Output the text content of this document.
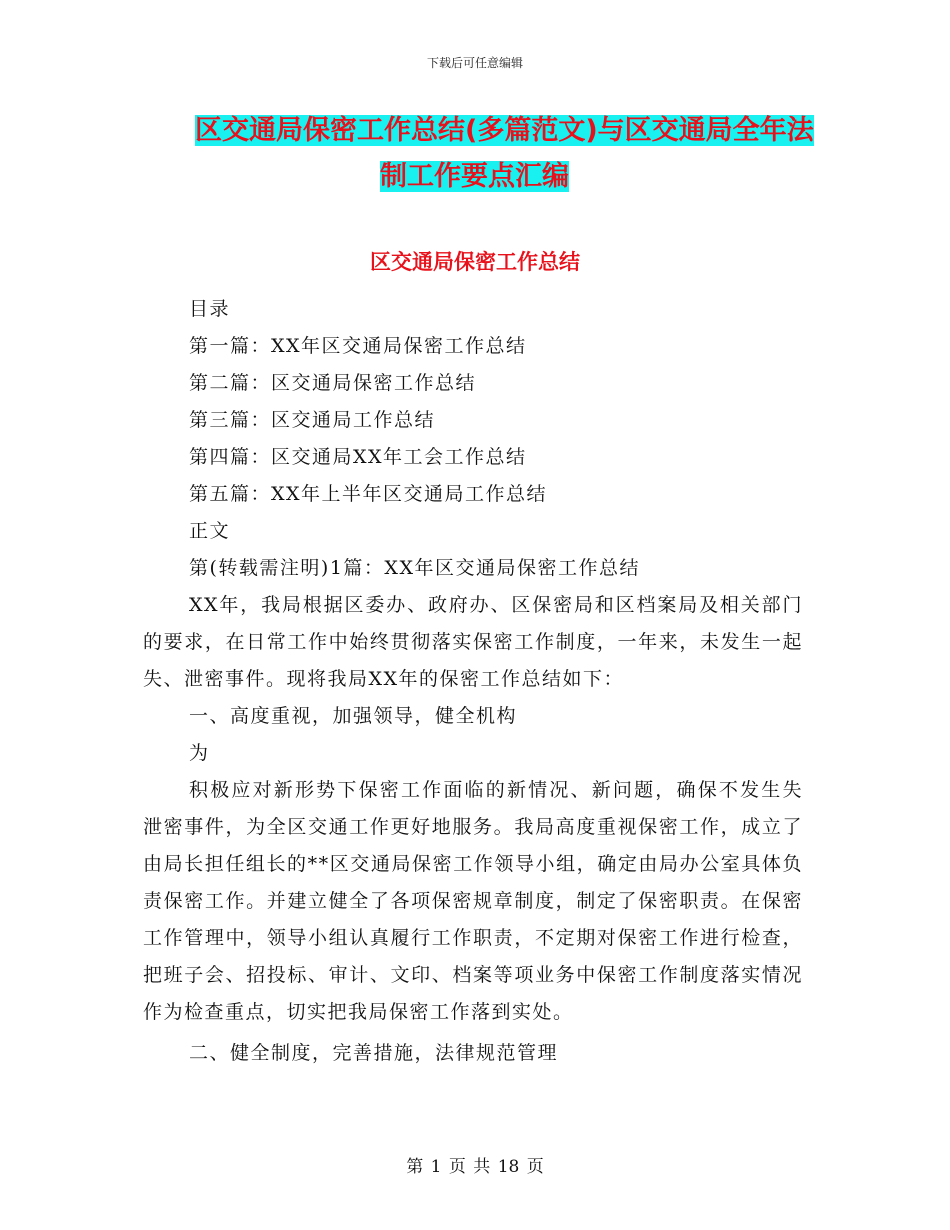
下载后可任意编辑
区交通局保密工作总结(多篇范文)与区交通局全年法
制工作要点汇编
区交通局保密工作总结

目录

第一篇：XX年区交通局保密工作总结

第二篇：区交通局保密工作总结

第三篇：区交通局工作总结

第四篇：区交通局XX年工会工作总结

第五篇：XX年上半年区交通局工作总结

正文

第(转载需注明)1篇：XX年区交通局保密工作总结

XX年，我局根据区委办、政府办、区保密局和区档案局及相关部门的要求，在日常工作中始终贯彻落实保密工作制度，一年来，未发生一起失、泄密事件。现将我局XX年的保密工作总结如下：

一、高度重视，加强领导，健全机构

为

积极应对新形势下保密工作面临的新情况、新问题，确保不发生失泄密事件，为全区交通工作更好地服务。我局高度重视保密工作，成立了由局长担任组长的**区交通局保密工作领导小组，确定由局办公室具体负责保密工作。并建立健全了各项保密规章制度，制定了保密职责。在保密工作管理中，领导小组认真履行工作职责，不定期对保密工作进行检查，把班子会、招投标、审计、文印、档案等项业务中保密工作制度落实情况作为检查重点，切实把我局保密工作落到实处。

二、健全制度，完善措施，法律规范管理

第 1 页 共 18 页
